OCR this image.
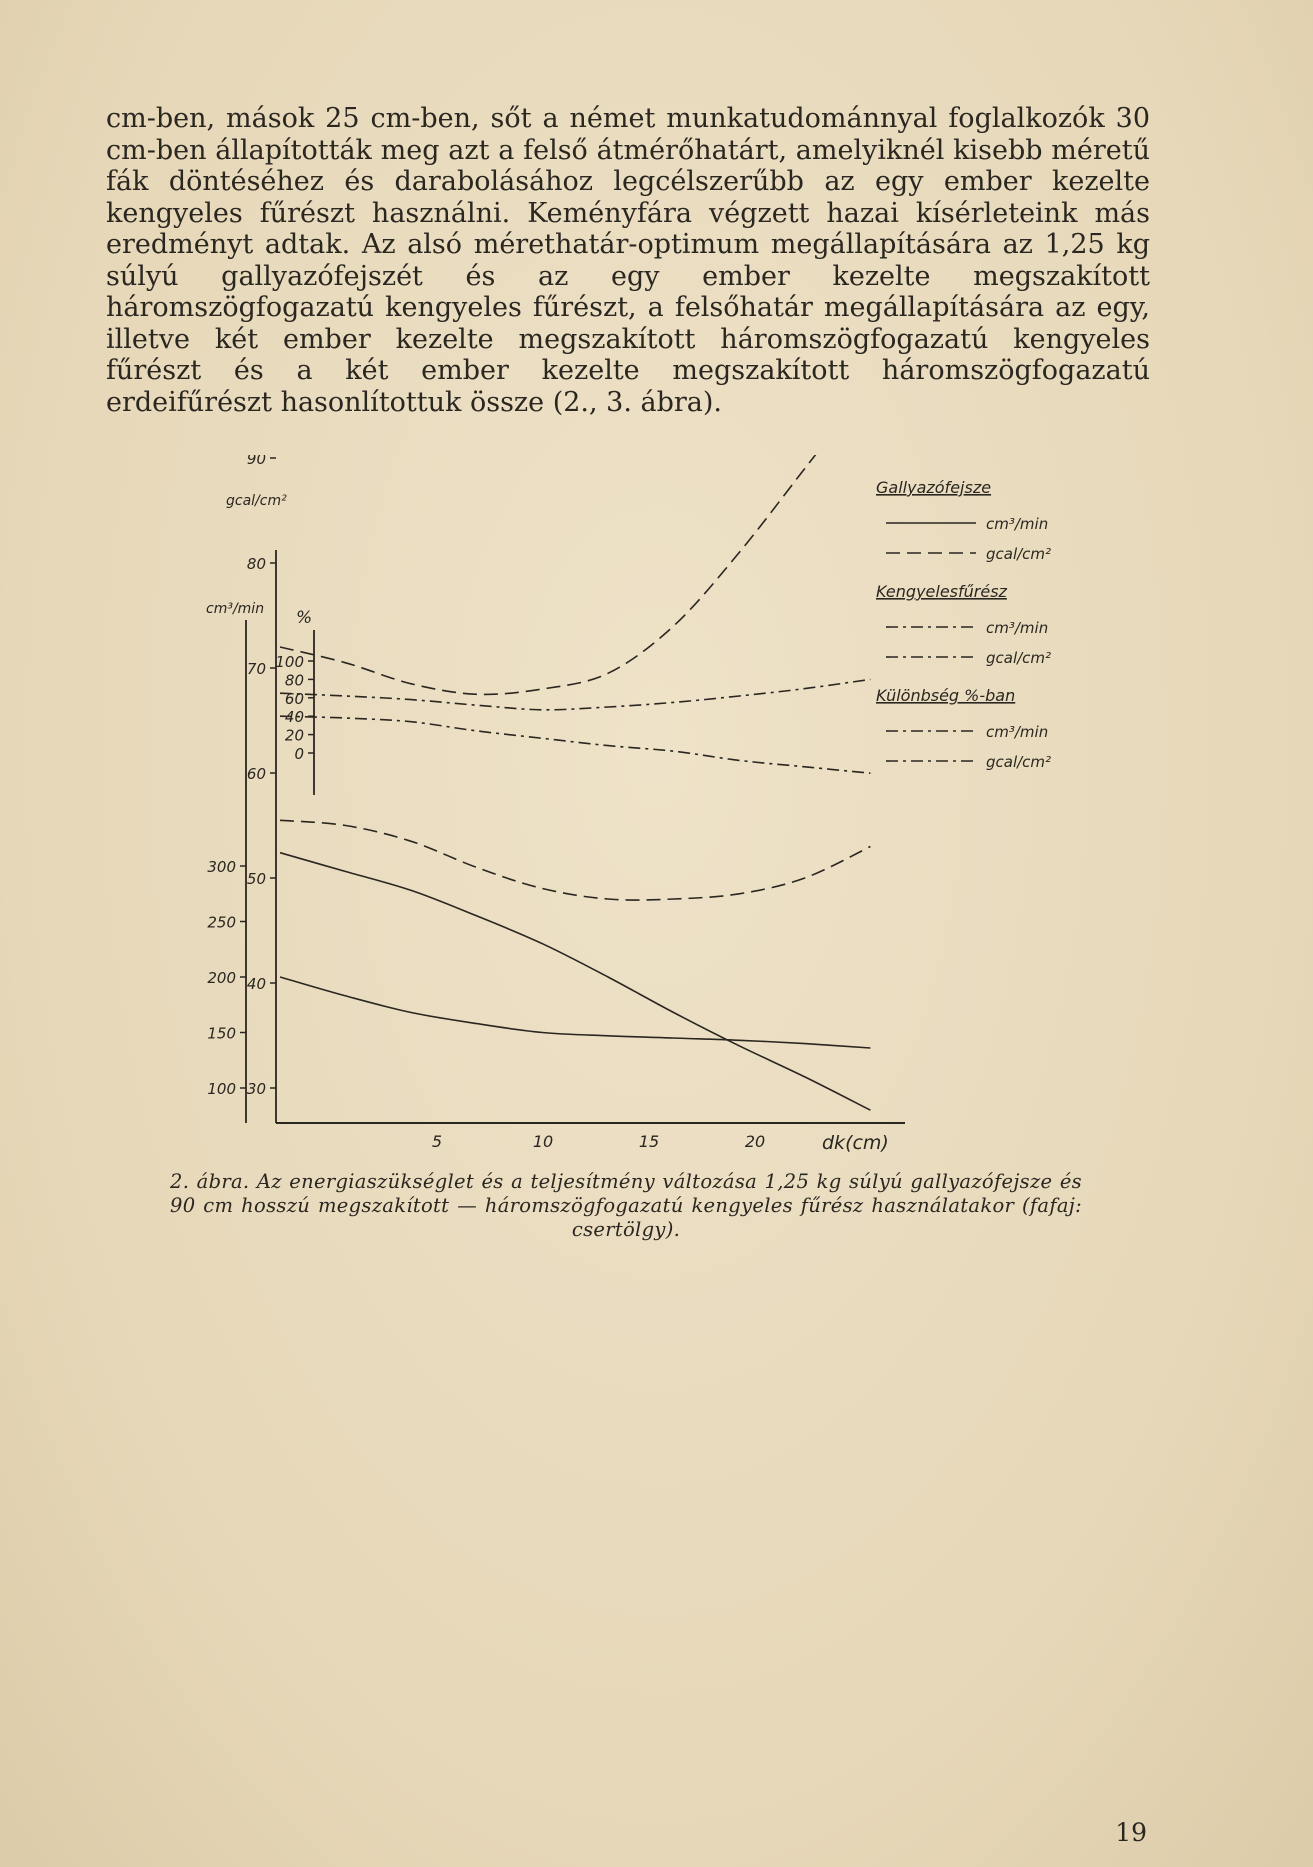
cm-ben, mások 25 cm-ben, sőt a német munkatudománnyal foglalkozók 30 cm-ben állapították meg azt a felső átmérőhatárt, amelyiknél kisebb méretű fák döntéséhez és darabolásához legcélszerűbb az egy ember kezelte kengyeles fűrészt használni. Keményfára végzett hazai kísérleteink más eredményt adtak. Az alsó mérethatár-optimum megállapítására az 1,25 kg súlyú gallyazófejszét és az egy ember kezelte megszakított háromszögfogazatú kengyeles fűrészt, a felsőhatár megállapítására az egy, illetve két ember kezelte megszakított háromszögfogazatú kengyeles fűrészt és a két ember kezelte megszakított háromszögfogazatú erdeifűrészt hasonlítottuk össze (2., 3. ábra).

100
150
200
250
300
30
40
50
60
70
80
90
0
20
40
60
80
100
cm³/min
gcal/cm²
%
5	10	15	20	dk(cm)
Gallyazófejsze
cm³/min
gcal/cm²
Kengyelesfűrész
cm³/min
gcal/cm²
Különbség %-ban
cm³/min
gcal/cm²

2. ábra. Az energiaszükséglet és a teljesítmény változása 1,25 kg súlyú gallyazófejsze és 90 cm hosszú megszakított — háromszögfogazatú kengyeles fűrész használatakor (fafaj: csertölgy).

19
